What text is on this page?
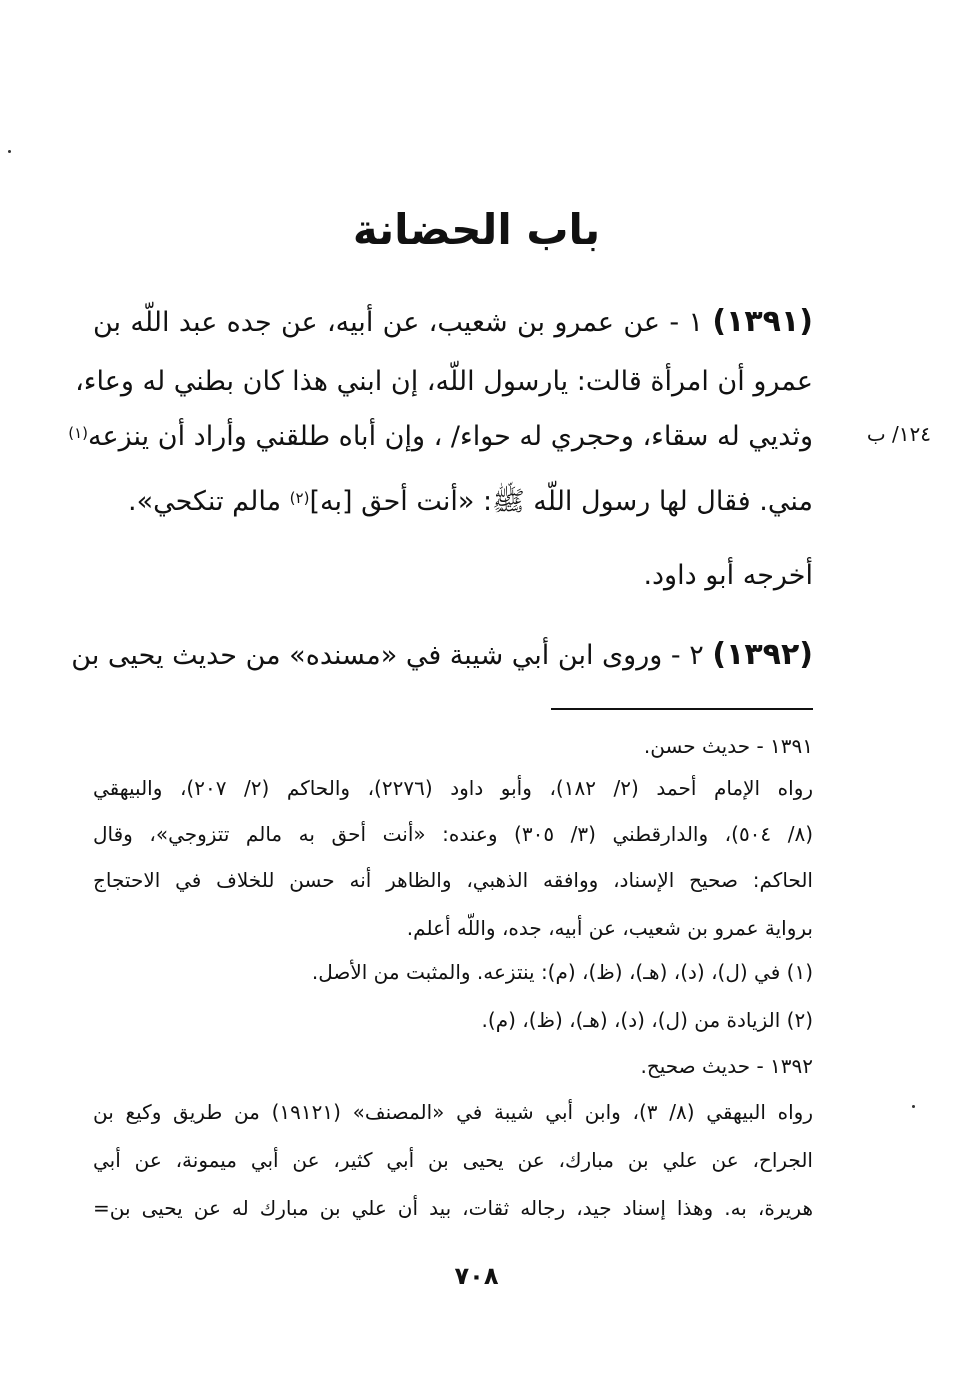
باب الحضانة
(١٣٩١) ١ - عن عمرو بن شعيب، عن أبيه، عن جده عبد اللّه بن
عمرو أن امرأة قالت: يارسول اللّه، إن ابني هذا كان بطني له وعاء،
وثديي له سقاء، وحجري له حواء/ ، وإن أباه طلقني وأراد أن ينزعه$^{(١)}$	١٢٤/ ب
مني. فقال لها رسول اللّه ﷺ: «أنت أحق [به]$^{(٢)}$ مالم تنكحي».
أخرجه أبو داود.
(١٣٩٢) ٢ - وروى ابن أبي شيبة في «مسنده» من حديث يحيى بن
١٣٩١ - حديث حسن.
رواه الإمام أحمد (٢/ ١٨٢)، وأبو داود (٢٢٧٦)، والحاكم (٢/ ٢٠٧)، والبيهقي
(٨/ ٥٠٤)، والدارقطني (٣/ ٣٠٥) وعنده: «أنت أحق به مالم تتزوجي»، وقال
الحاكم: صحيح الإسناد، ووافقه الذهبي، والظاهر أنه حسن للخلاف في الاحتجاج
برواية عمرو بن شعيب، عن أبيه، جده، واللّه أعلم.
(١) في (ل)، (د)، (هـ)، (ظ)، (م): ينتزعه. والمثبت من الأصل.
(٢) الزيادة من (ل)، (د)، (هـ)، (ظ)، (م).
١٣٩٢ - حديث صحيح.
رواه البيهقي (٨/ ٣)، وابن أبي شيبة في «المصنف» (١٩١٢١) من طريق وكيع بن
الجراح، عن علي بن مبارك، عن يحيى بن أبي كثير، عن أبي ميمونة، عن أبي
هريرة، به. وهذا إسناد جيد، رجاله ثقات، بيد أن علي بن مبارك له عن يحيى بن=
٧٠٨
